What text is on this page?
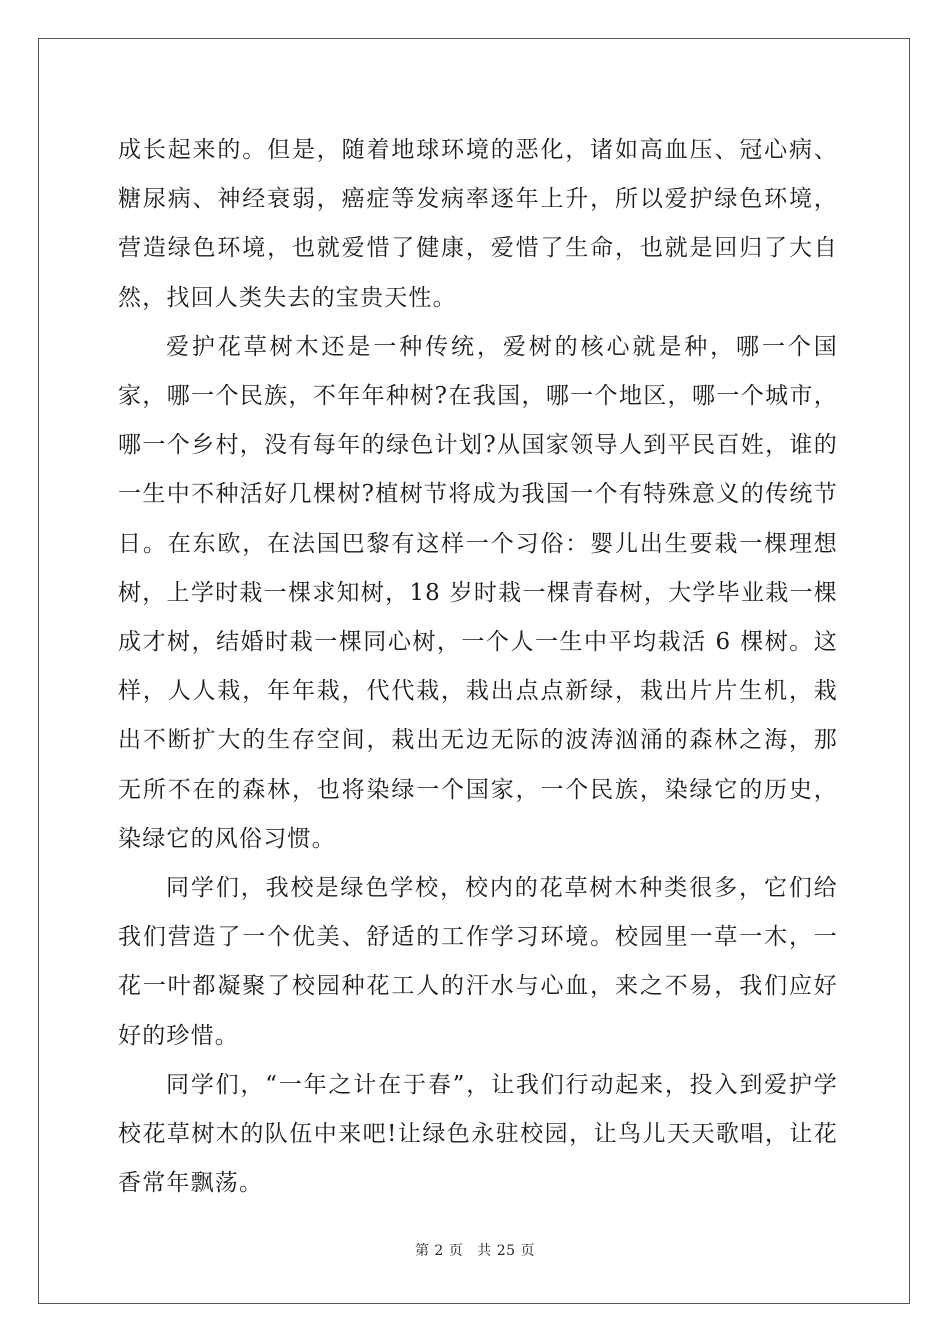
成长起来的。但是，随着地球环境的恶化，诸如高血压、冠心病、糖尿病、神经衰弱，癌症等发病率逐年上升，所以爱护绿色环境，营造绿色环境，也就爱惜了健康，爱惜了生命，也就是回归了大自然，找回人类失去的宝贵天性。

爱护花草树木还是一种传统，爱树的核心就是种，哪一个国家，哪一个民族，不年年种树?在我国，哪一个地区，哪一个城市，哪一个乡村，没有每年的绿色计划?从国家领导人到平民百姓，谁的一生中不种活好几棵树?植树节将成为我国一个有特殊意义的传统节日。在东欧，在法国巴黎有这样一个习俗：婴儿出生要栽一棵理想树，上学时栽一棵求知树，18 岁时栽一棵青春树，大学毕业栽一棵成才树，结婚时栽一棵同心树，一个人一生中平均栽活 6 棵树。这样，人人栽，年年栽，代代栽，栽出点点新绿，栽出片片生机，栽出不断扩大的生存空间，栽出无边无际的波涛汹涌的森林之海，那无所不在的森林，也将染绿一个国家，一个民族，染绿它的历史，染绿它的风俗习惯。

同学们，我校是绿色学校，校内的花草树木种类很多，它们给我们营造了一个优美、舒适的工作学习环境。校园里一草一木，一花一叶都凝聚了校园种花工人的汗水与心血，来之不易，我们应好好的珍惜。

同学们，“一年之计在于春”，让我们行动起来，投入到爱护学校花草树木的队伍中来吧!让绿色永驻校园，让鸟儿天天歌唱，让花香常年飘荡。

第 2 页 共 25 页
